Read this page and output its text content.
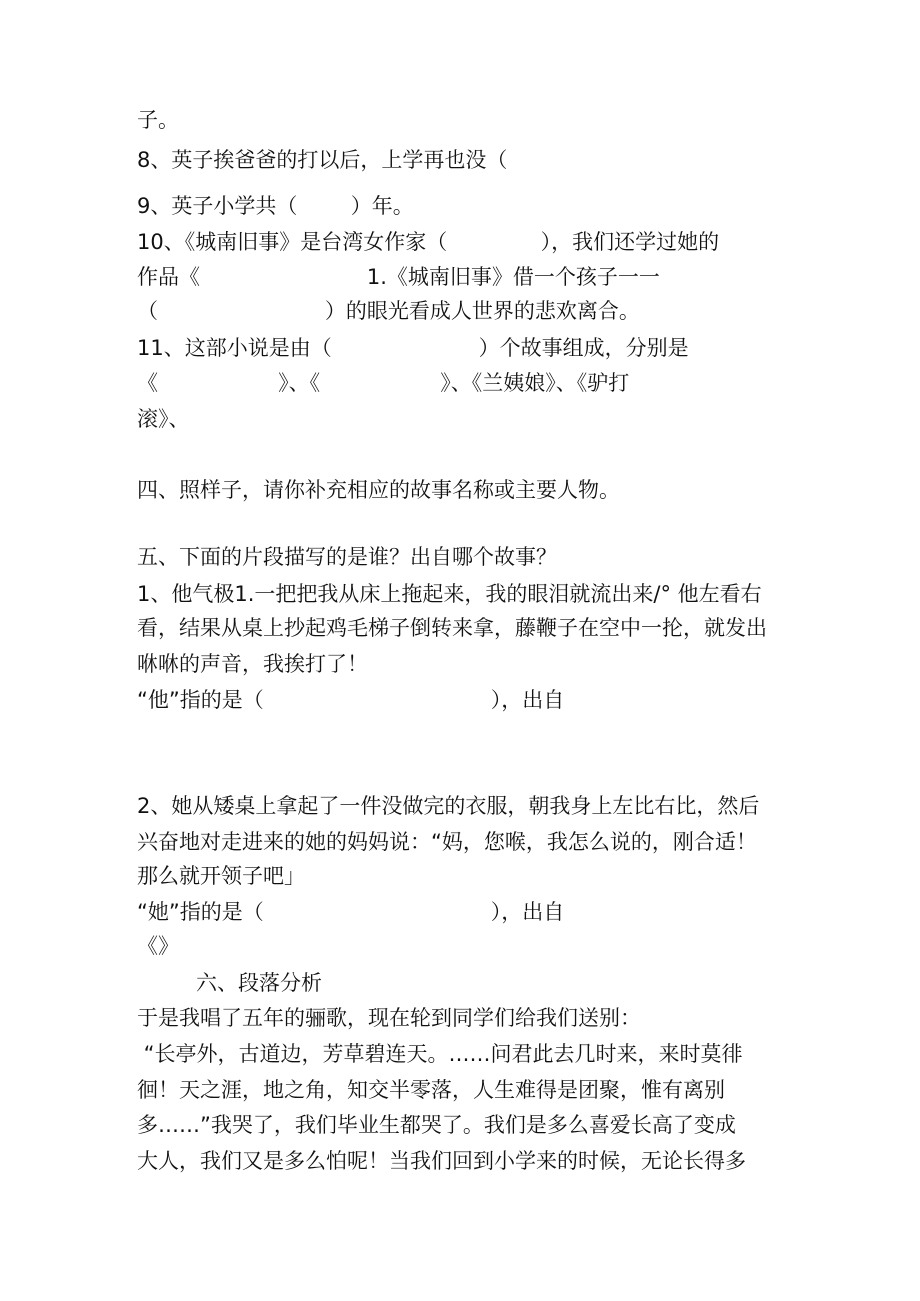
子。
8、英子挨爸爸的打以后，上学再也没（
9、英子小学共（        ）年。
10、《城南旧事》是台湾女作家（              ），我们还学过她的
作品《                         1.《城南旧事》借一个孩子一一
（                         ）的眼光看成人世界的悲欢离合。
11、这部小说是由（                      ）个故事组成，分别是
《                  》、《                  》、《兰姨娘》、《驴打
滚》、
四、照样子，请你补充相应的故事名称或主要人物。
五、下面的片段描写的是谁？出自哪个故事？
1、他气极1.一把把我从床上拖起来，我的眼泪就流出来/° 他左看右
看，结果从桌上抄起鸡毛梯子倒转来拿，藤鞭子在空中一抡，就发出
咻咻的声音，我挨打了！
“他”指的是（                                  ），出自
2、她从矮桌上拿起了一件没做完的衣服，朝我身上左比右比，然后
兴奋地对走进来的她的妈妈说：“妈，您喉，我怎么说的，刚合适！
那么就开领子吧」
“她”指的是（                                  ），出自
《》
六、段落分析
于是我唱了五年的骊歌，现在轮到同学们给我们送别：
“长亭外，古道边，芳草碧连天。……问君此去几时来，来时莫徘
徊！天之涯，地之角，知交半零落，人生难得是团聚，惟有离别
多……”我哭了，我们毕业生都哭了。我们是多么喜爱长高了变成
大人，我们又是多么怕呢！当我们回到小学来的时候，无论长得多
